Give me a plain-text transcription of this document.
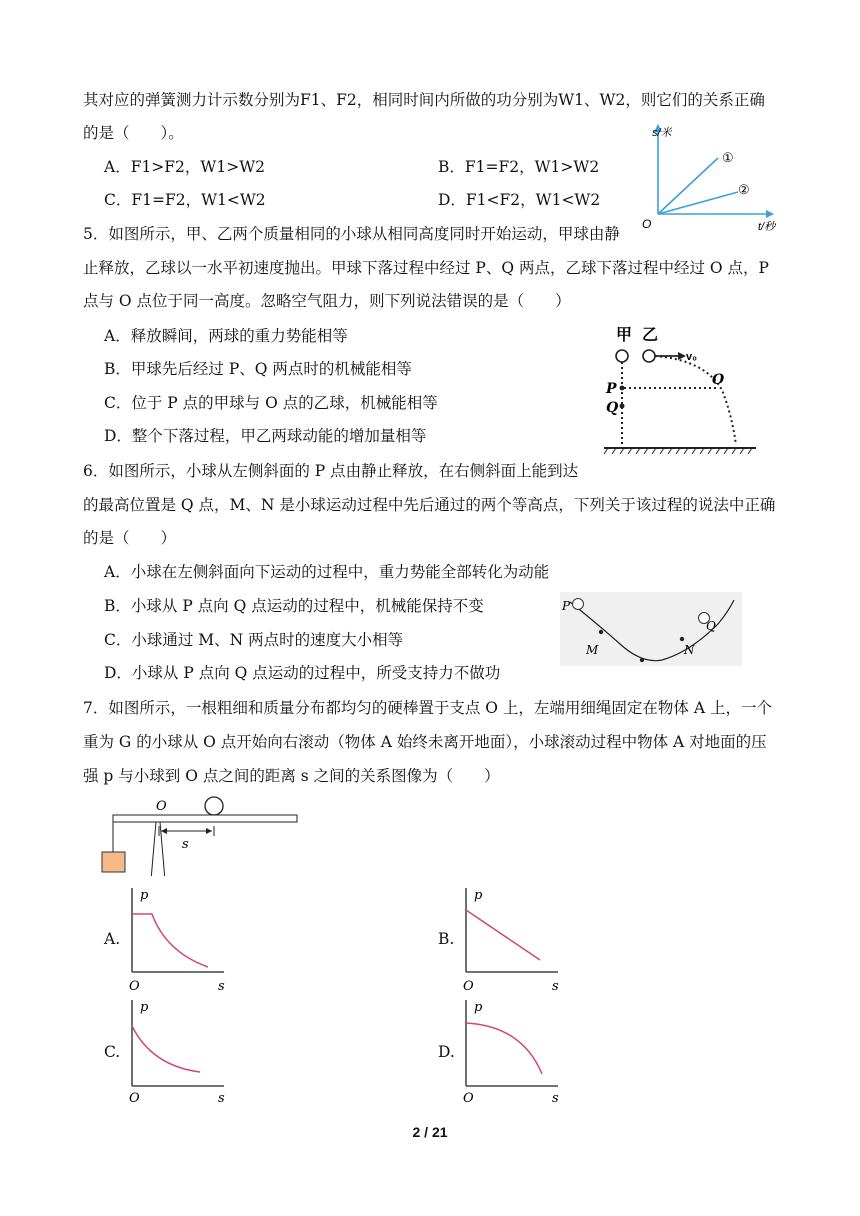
其对应的弹簧测力计示数分别为F1、F2，相同时间内所做的功分别为W1、W2，则它们的关系正确
的是（　　）。
A．F1>F2，W1>W2	B．F1=F2，W1>W2
C．F1=F2，W1<W2	D．F1<F2，W1<W2
s/米
t/秒
O
①
②
5．如图所示，甲、乙两个质量相同的小球从相同高度同时开始运动，甲球由静
止释放，乙球以一水平初速度抛出。甲球下落过程中经过 P、Q 两点，乙球下落过程中经过 O 点，P
点与 O 点位于同一高度。忽略空气阻力，则下列说法错误的是（　　）
A．释放瞬间，两球的重力势能相等
B．甲球先后经过 P、Q 两点时的机械能相等
C．位于 P 点的甲球与 O 点的乙球，机械能相等
D．整个下落过程，甲乙两球动能的增加量相等
甲 乙
v₀
P
Q
O
6．如图所示，小球从左侧斜面的 P 点由静止释放，在右侧斜面上能到达
的最高位置是 Q 点，M、N 是小球运动过程中先后通过的两个等高点，下列关于该过程的说法中正确
的是（　　）
A．小球在左侧斜面向下运动的过程中，重力势能全部转化为动能
B．小球从 P 点向 Q 点运动的过程中，机械能保持不变
C．小球通过 M、N 两点时的速度大小相等
D．小球从 P 点向 Q 点运动的过程中，所受支持力不做功
P
Q
M	N
7．如图所示，一根粗细和质量分布都均匀的硬棒置于支点 O 上，左端用细绳固定在物体 A 上，一个
重为 G 的小球从 O 点开始向右滚动（物体 A 始终未离开地面），小球滚动过程中物体 A 对地面的压
强 p 与小球到 O 点之间的距离 s 之间的关系图像为（　　）
O
s
A.
p
O	s
B.
p
O	s
C.
p
O	s
D.
p
O	s
2 / 21
